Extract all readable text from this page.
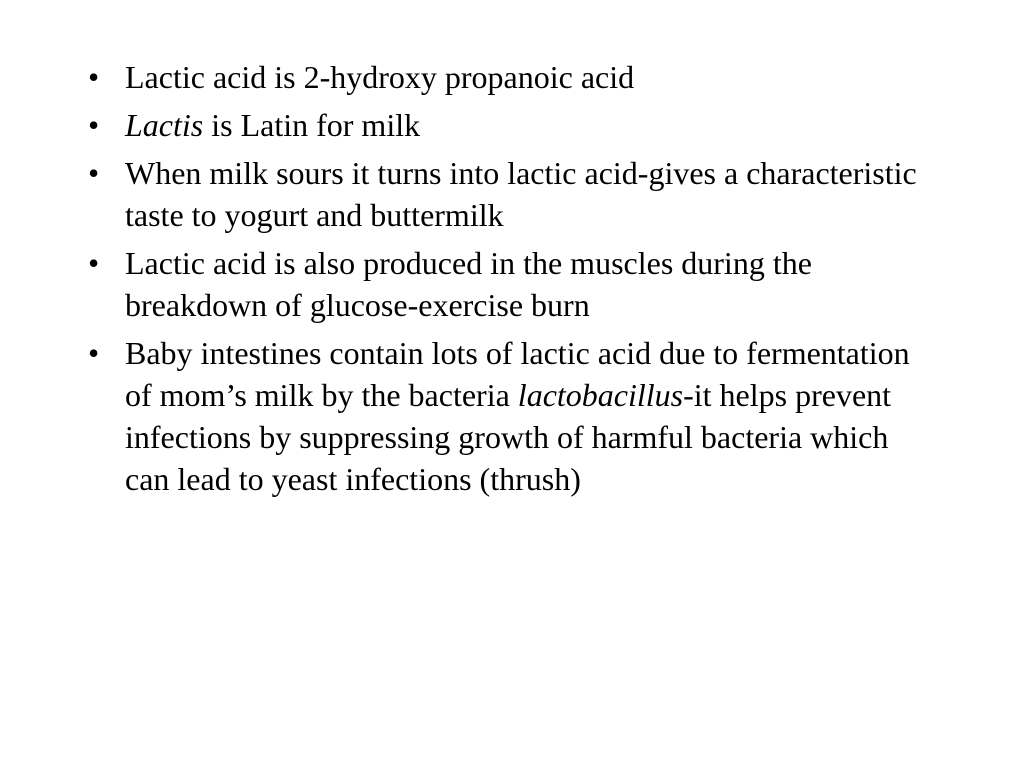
• Lactic acid is 2-hydroxy propanoic acid
• Lactis is Latin for milk
• When milk sours it turns into lactic acid-gives a characteristic taste to yogurt and buttermilk
• Lactic acid is also produced in the muscles during the breakdown of glucose-exercise burn
• Baby intestines contain lots of lactic acid due to fermentation of mom’s milk by the bacteria lactobacillus-it helps prevent infections by suppressing growth of harmful bacteria which can lead to yeast infections (thrush)
